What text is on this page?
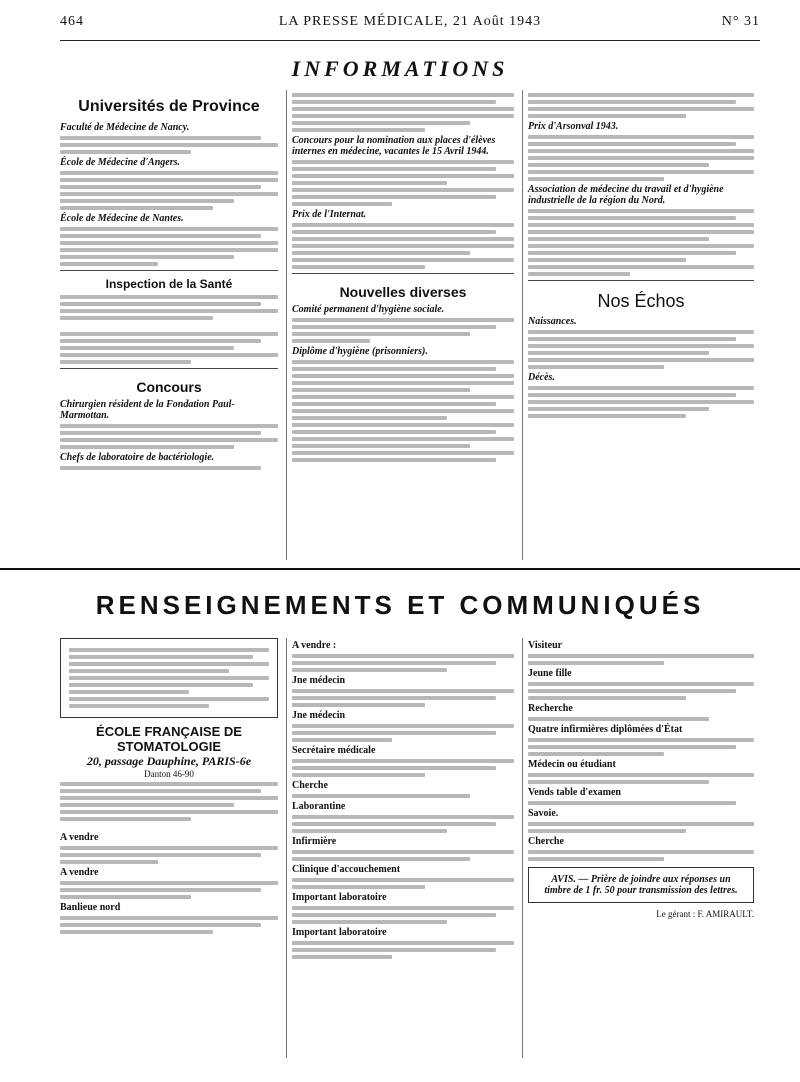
464	LA PRESSE MÉDICALE, 21 Août 1943	N° 31
INFORMATIONS
Universités de Province
Faculté de Médecine de Nancy.
École de Médecine d'Angers.
École de Médecine de Nantes.
Inspection de la Santé
Concours
Chirurgien résident de la Fondation Paul-Marmottan.
Chefs de laboratoire de bactériologie.
Concours pour la nomination aux places d'élèves internes en médecine, vacantes le 15 Avril 1944.
Prix de l'Internat.
Nouvelles diverses
Comité permanent d'hygiène sociale.
Diplôme d'hygiène (prisonniers).
Prix d'Arsonval 1943.
Association de médecine du travail et d'hygiène industrielle de la région du Nord.
Nos Échos
Naissances.
Décès.
RENSEIGNEMENTS ET COMMUNIQUÉS
ÉCOLE FRANÇAISE DE STOMATOLOGIE
20, passage Dauphine, PARIS-6e
Danton 46-90
A vendre
A vendre
Banlieue nord
A vendre :
Jne médecin
Jne médecin
Secrétaire médicale
Cherche
Laborantine
Infirmière
Clinique d'accouchement
Important laboratoire
Important laboratoire
Visiteur
Jeune fille
Recherche
Quatre infirmières diplômées d'État
Médecin ou étudiant
Vends table d'examen
Savoie.
Cherche
AVIS. — Prière de joindre aux réponses un timbre de 1 fr. 50 pour transmission des lettres.
Le gérant : F. AMIRAULT.
